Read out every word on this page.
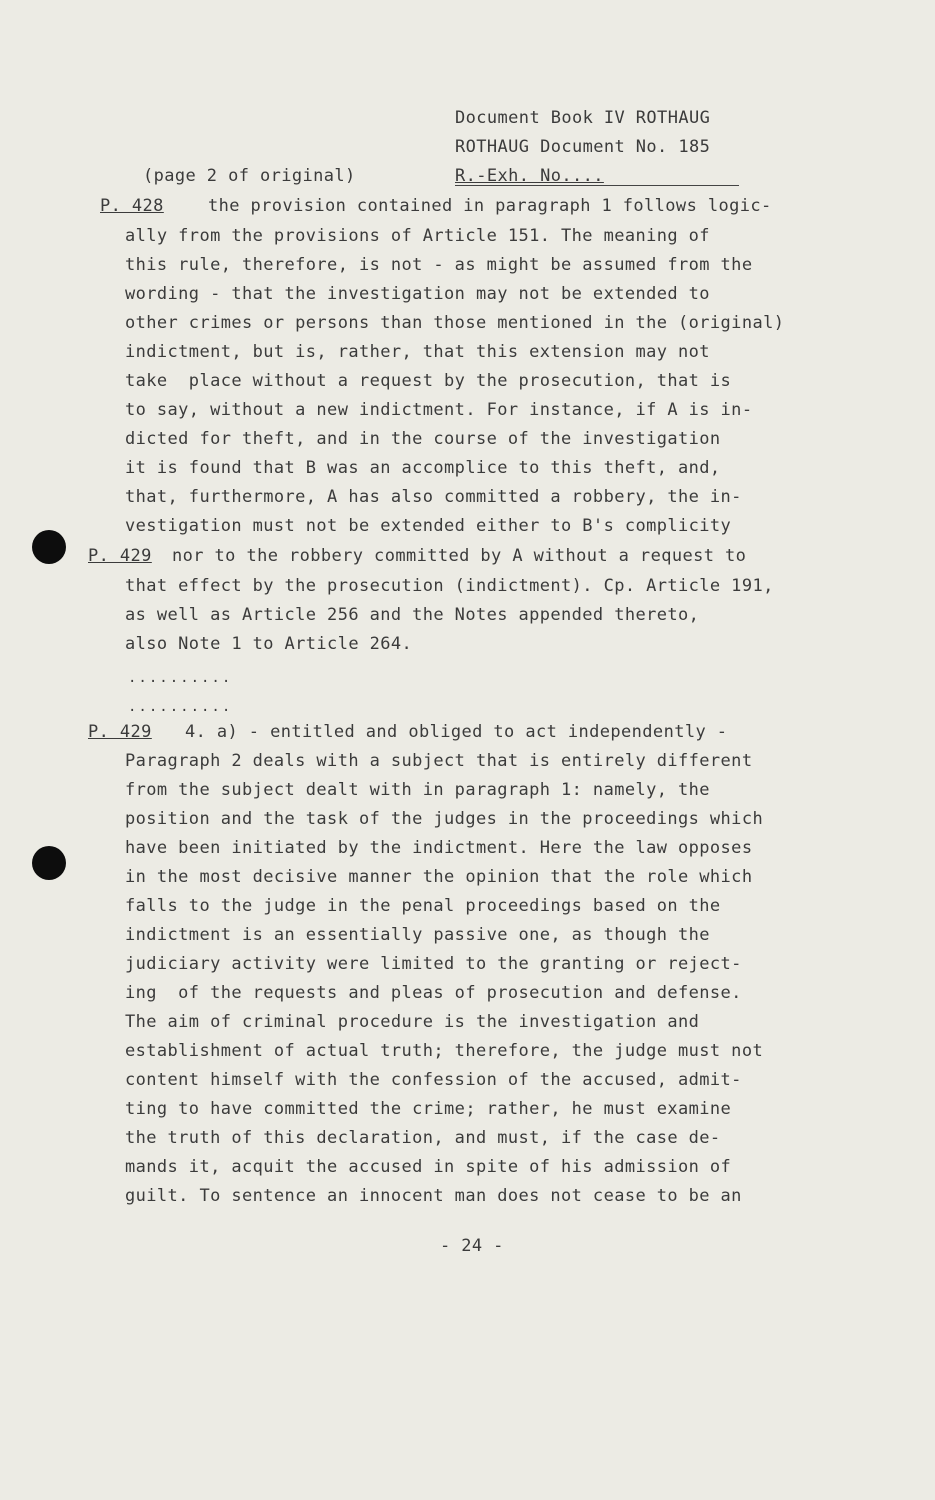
Document Book IV ROTHAUG
ROTHAUG Document No. 185
(page 2 of original)	R.-Exh. No....
P. 428	the provision contained in paragraph 1 follows logic-
ally from the provisions of Article 151. The meaning of
this rule, therefore, is not - as might be assumed from the
wording - that the investigation may not be extended to
other crimes or persons than those mentioned in the (original)
indictment, but is, rather, that this extension may not
take  place without a request by the prosecution, that is
to say, without a new indictment. For instance, if A is in-
dicted for theft, and in the course of the investigation
it is found that B was an accomplice to this theft, and,
that, furthermore, A has also committed a robbery, the in-
vestigation must not be extended either to B's complicity
P. 429 nor to the robbery committed by A without a request to
that effect by the prosecution (indictment). Cp. Article 191,
as well as Article 256 and the Notes appended thereto,
also Note 1 to Article 264.
..........
..........
P. 429 4. a) - entitled and obliged to act independently -
Paragraph 2 deals with a subject that is entirely different
from the subject dealt with in paragraph 1: namely, the
position and the task of the judges in the proceedings which
have been initiated by the indictment. Here the law opposes
in the most decisive manner the opinion that the role which
falls to the judge in the penal proceedings based on the
indictment is an essentially passive one, as though the
judiciary activity were limited to the granting or reject-
ing  of the requests and pleas of prosecution and defense.
The aim of criminal procedure is the investigation and
establishment of actual truth; therefore, the judge must not
content himself with the confession of the accused, admit-
ting to have committed the crime; rather, he must examine
the truth of this declaration, and must, if the case de-
mands it, acquit the accused in spite of his admission of
guilt. To sentence an innocent man does not cease to be an
- 24 -
